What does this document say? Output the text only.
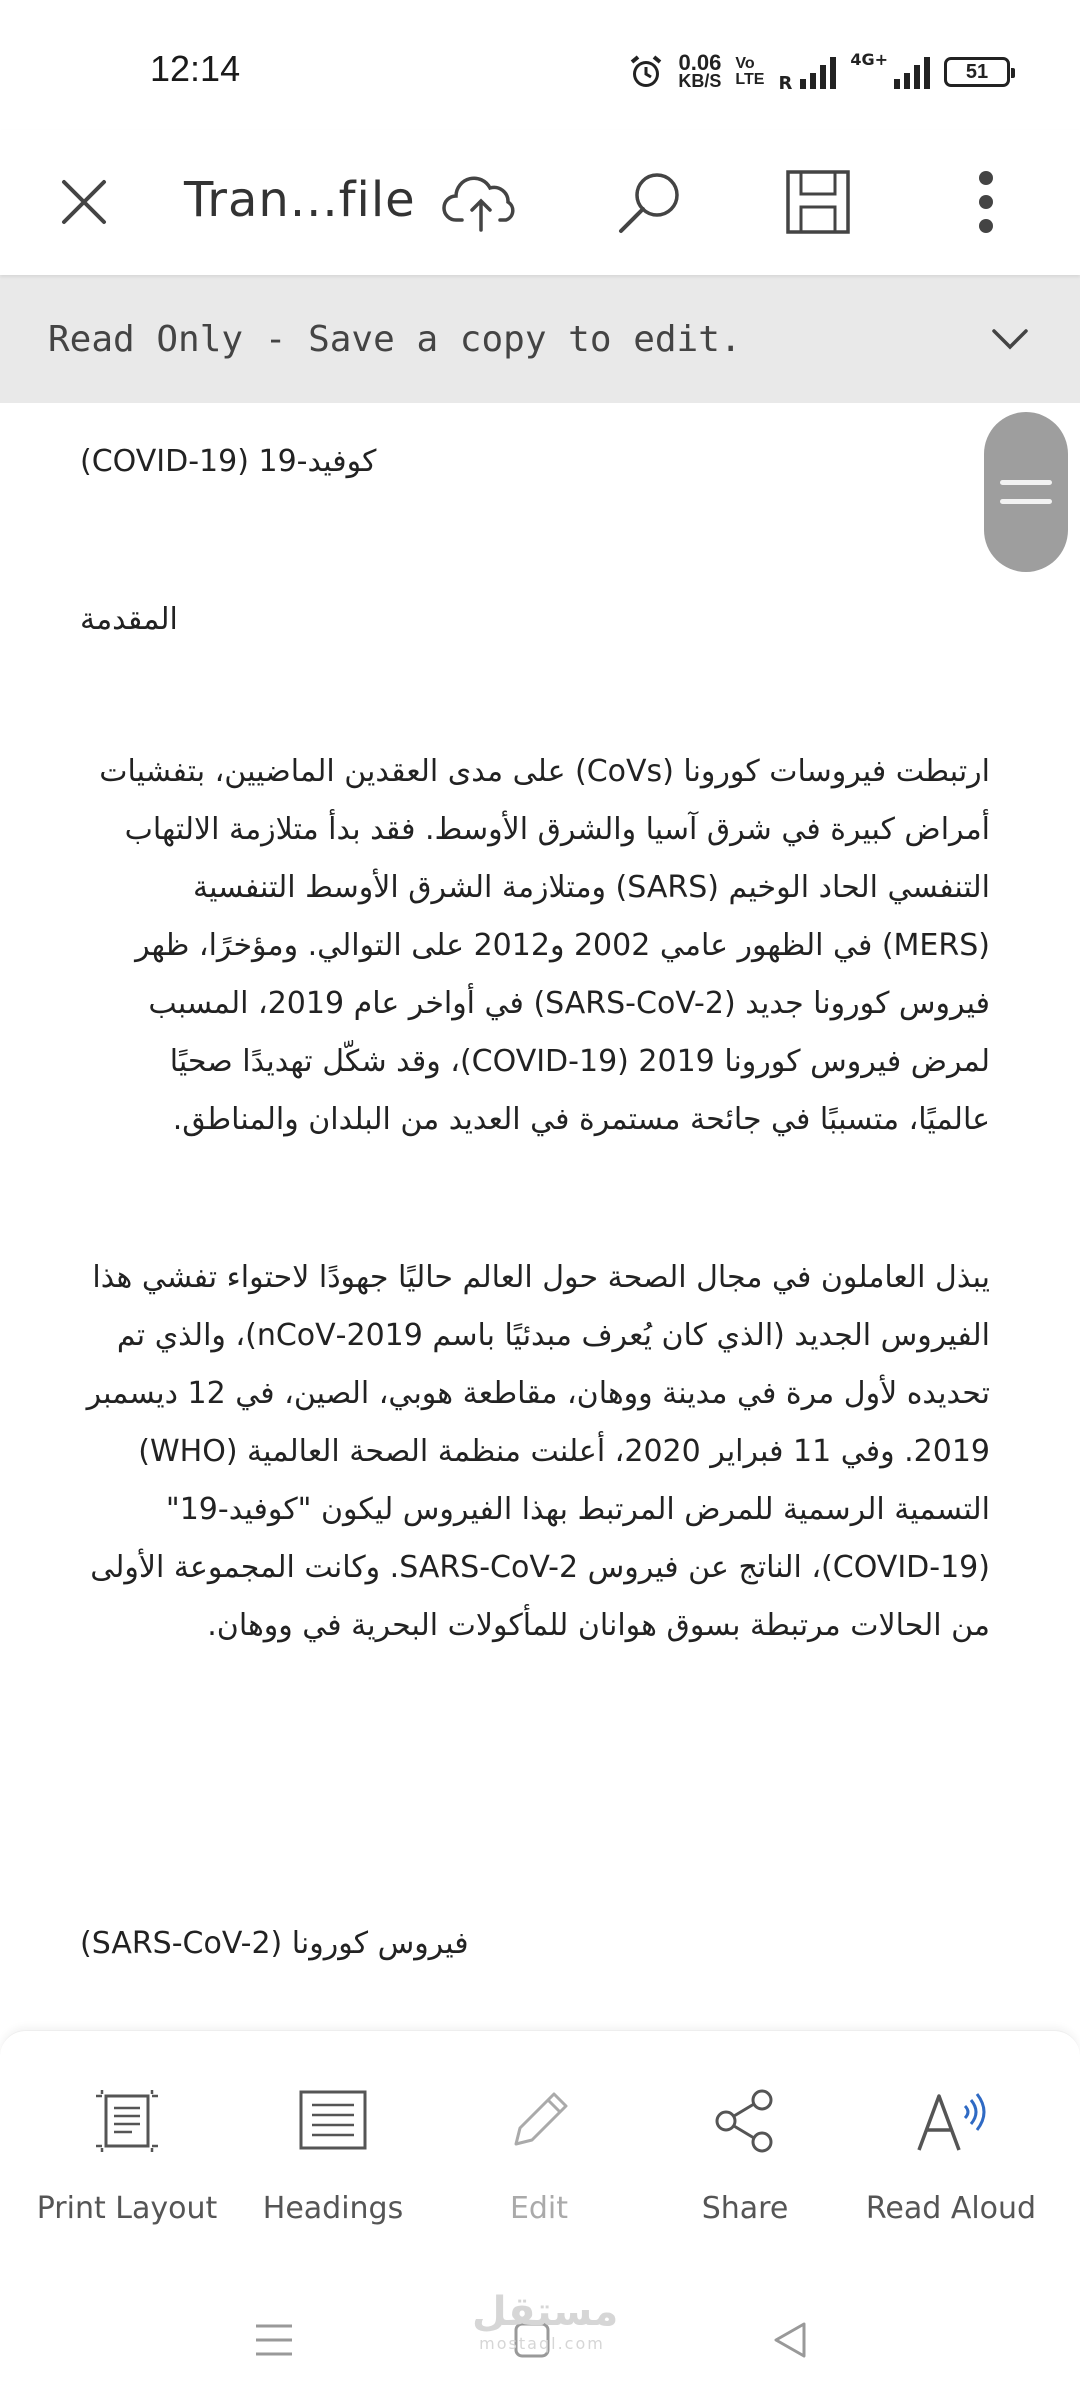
12:14	0.06
KB/S
Vo
LTE R
4G+
51
Tran...file
Read Only - Save a copy to edit.
كوفيد-19 (COVID-19)
المقدمة
ارتبطت فيروسات كورونا (CoVs) على مدى العقدين الماضيين، بتفشيات أمراض كبيرة في شرق آسيا والشرق الأوسط. فقد بدأ متلازمة الالتهاب التنفسي الحاد الوخيم (SARS) ومتلازمة الشرق الأوسط التنفسية (MERS) في الظهور عامي 2002 و2012 على التوالي. ومؤخرًا، ظهر فيروس كورونا جديد (SARS-CoV-2) في أواخر عام 2019، المسبب لمرض فيروس كورونا 2019 (COVID-19)، وقد شكّل تهديدًا صحيًا عالميًا، متسببًا في جائحة مستمرة في العديد من البلدان والمناطق.
يبذل العاملون في مجال الصحة حول العالم حاليًا جهودًا لاحتواء تفشي هذا الفيروس الجديد (الذي كان يُعرف مبدئيًا باسم 2019-nCoV)، والذي تم تحديده لأول مرة في مدينة ووهان، مقاطعة هوبي، الصين، في 12 ديسمبر 2019. وفي 11 فبراير 2020، أعلنت منظمة الصحة العالمية (WHO) التسمية الرسمية للمرض المرتبط بهذا الفيروس ليكون "كوفيد-19" (COVID-19)، الناتج عن فيروس SARS-CoV-2. وكانت المجموعة الأولى من الحالات مرتبطة بسوق هوانان للمأكولات البحرية في ووهان.
فيروس كورونا (SARS-CoV-2)
Print Layout Headings	Edit	Share	Read Aloud
مستقل
mostaql.com
